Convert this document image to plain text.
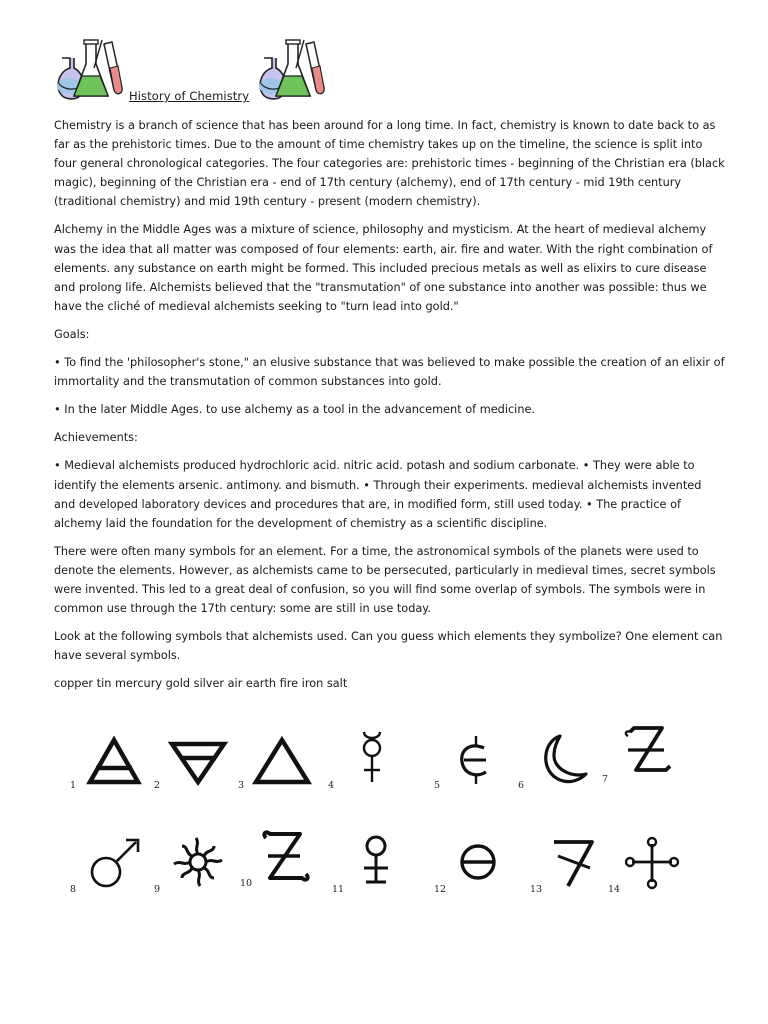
History of Chemistry

Chemistry is a branch of science that has been around for a long time. In fact, chemistry is known to date back to as far as the prehistoric times. Due to the amount of time chemistry takes up on the timeline, the science is split into four general chronological categories. The four categories are: prehistoric times - beginning of the Christian era (black magic), beginning of the Christian era - end of 17th century (alchemy), end of 17th century - mid 19th century (traditional chemistry) and mid 19th century - present (modern chemistry).

Alchemy in the Middle Ages was a mixture of science, philosophy and mysticism. At the heart of medieval alchemy was the idea that all matter was composed of four elements: earth, air. fire and water. With the right combination of elements. any substance on earth might be formed. This included precious metals as well as elixirs to cure disease and prolong life. Alchemists believed that the "transmutation" of one substance into another was possible: thus we have the cliché of medieval alchemists seeking to "turn lead into gold."

Goals:

• To find the 'philosopher's stone," an elusive substance that was believed to make possible the creation of an elixir of immortality and the transmutation of common substances into gold.

• In the later Middle Ages. to use alchemy as a tool in the advancement of medicine.

Achievements:

• Medieval alchemists produced hydrochloric acid. nitric acid. potash and sodium carbonate. • They were able to identify the elements arsenic. antimony. and bismuth. • Through their experiments. medieval alchemists invented and developed laboratory devices and procedures that are, in modified form, still used today. • The practice of alchemy laid the foundation for the development of chemistry as a scientific discipline.

There were often many symbols for an element. For a time, the astronomical symbols of the planets were used to denote the elements. However, as alchemists came to be persecuted, particularly in medieval times, secret symbols were invented. This led to a great deal of confusion, so you will find some overlap of symbols. The symbols were in common use through the 17th century: some are still in use today.

Look at the following symbols that alchemists used. Can you guess which elements they symbolize? One element can have several symbols.

copper tin mercury gold silver air earth fire iron salt

1	2	3	4	5	6
7
8	9
10
11	12	13	14
